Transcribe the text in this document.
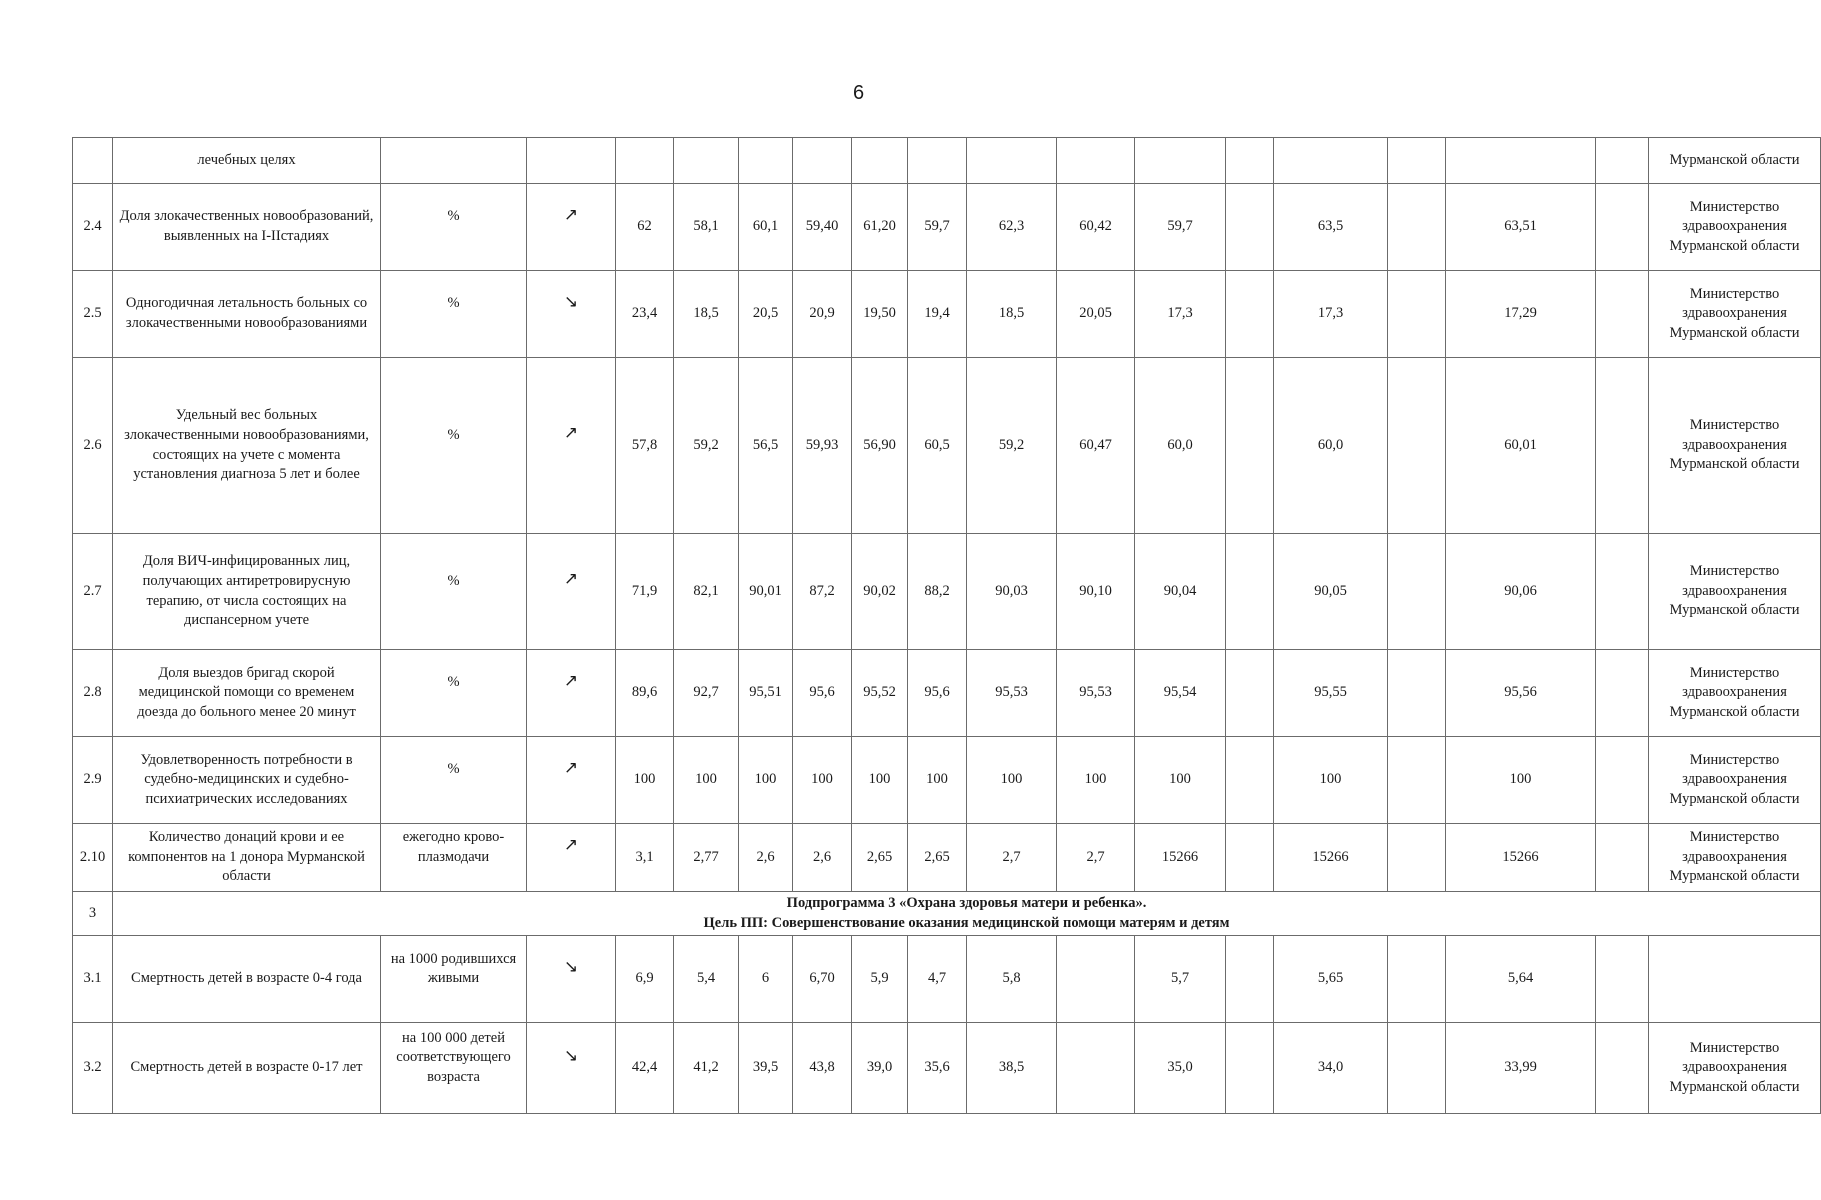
6
	лечебных целях																	Мурманской области
2.4	Доля злокачественных новообразований, выявленных на I-IIстадиях	%	↗	62	58,1	60,1	59,40	61,20	59,7	62,3	60,42	59,7		63,5		63,51		Министерство здравоохранения Мурманской области
2.5	Одногодичная летальность больных со злокачественными новообразованиями	%	↘	23,4	18,5	20,5	20,9	19,50	19,4	18,5	20,05	17,3		17,3		17,29		Министерство здравоохранения Мурманской области
2.6	Удельный вес больных злокачественными новообразованиями, состоящих на учете с момента установления диагноза 5 лет и более	%	↗	57,8	59,2	56,5	59,93	56,90	60,5	59,2	60,47	60,0		60,0		60,01		Министерство здравоохранения Мурманской области
2.7	Доля ВИЧ-инфицированных лиц, получающих антиретровирусную терапию, от числа состоящих на диспансерном учете	%	↗	71,9	82,1	90,01	87,2	90,02	88,2	90,03	90,10	90,04		90,05		90,06		Министерство здравоохранения Мурманской области
2.8	Доля выездов бригад скорой медицинской помощи со временем доезда до больного менее 20 минут	%	↗	89,6	92,7	95,51	95,6	95,52	95,6	95,53	95,53	95,54		95,55		95,56		Министерство здравоохранения Мурманской области
2.9	Удовлетворенность потребности в судебно-медицинских и судебно-психиатрических исследованиях	%	↗	100	100	100	100	100	100	100	100	100		100		100		Министерство здравоохранения Мурманской области
2.10	Количество донаций крови и ее компонентов на 1 донора Мурманской области	ежегодно крово-плазмодачи	↗	3,1	2,77	2,6	2,6	2,65	2,65	2,7	2,7	15266		15266		15266		Министерство здравоохранения Мурманской области
3	Подпрограмма 3 «Охрана здоровья матери и ребенка».
Цель ПП: Совершенствование оказания медицинской помощи матерям и детям																	

3.1	Смертность детей в возрасте 0-4 года	на 1000 родившихся живыми	↘	6,9	5,4	6	6,70	5,9	4,7	5,8		5,7		5,65		5,64		
3.2	Смертность детей в возрасте 0-17 лет	на 100 000 детей соответствующего возраста	↘	42,4	41,2	39,5	43,8	39,0	35,6	38,5		35,0		34,0		33,99		Министерство здравоохранения Мурманской области
